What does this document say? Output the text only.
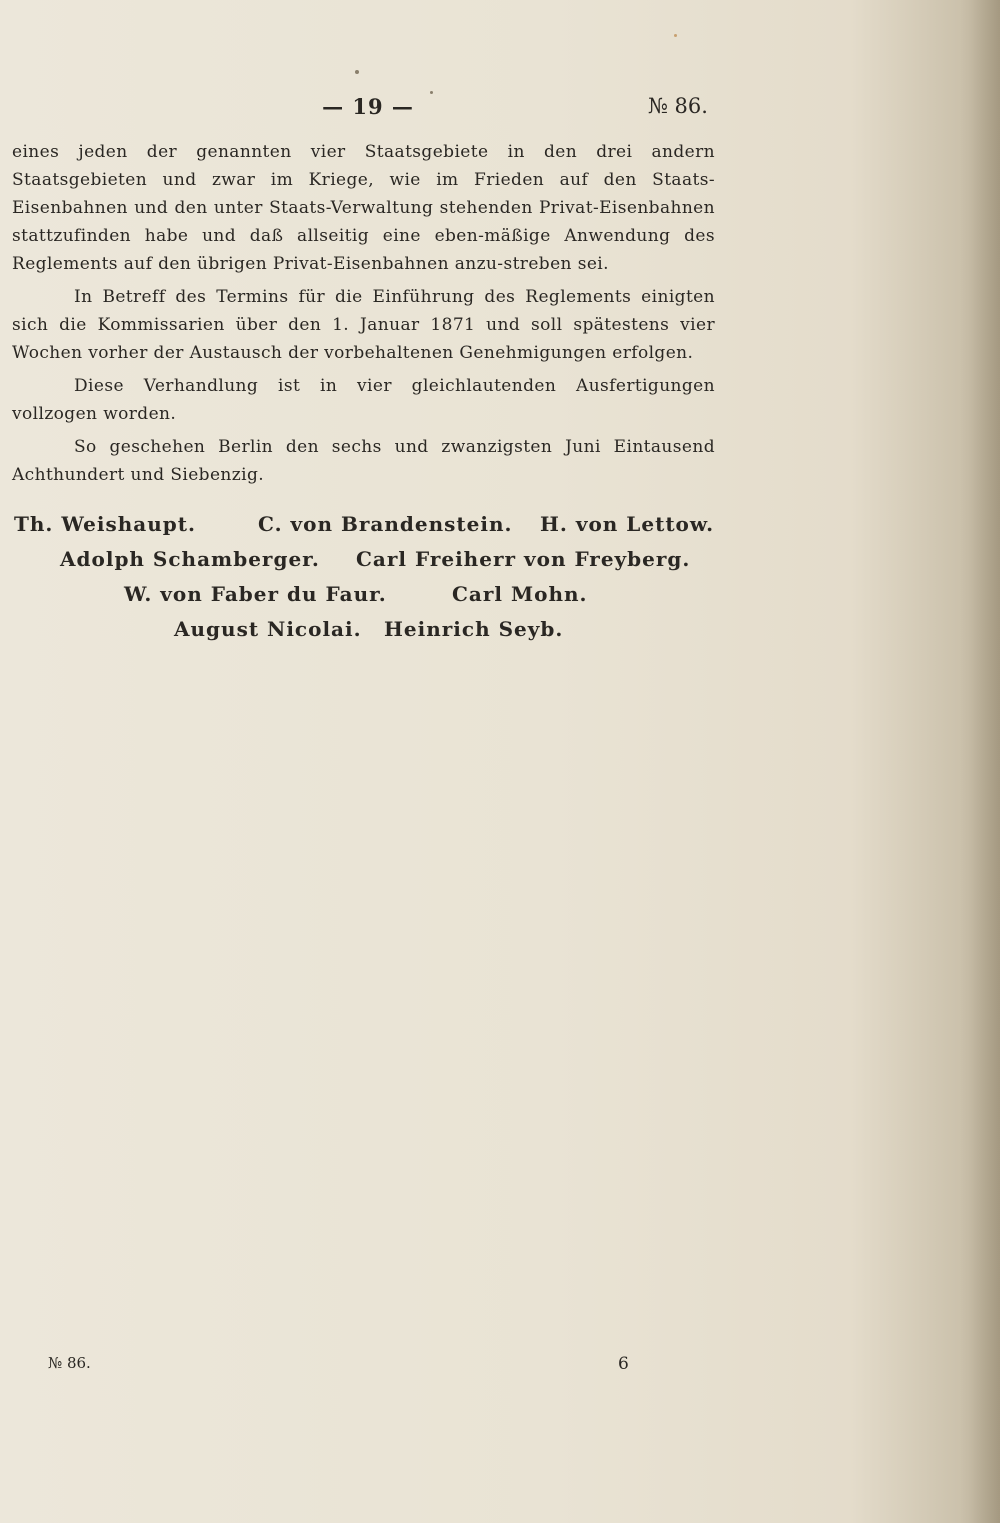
— 19 —	№ 86.

eines jeden der genannten vier Staatsgebiete in den drei andern Staatsgebieten und zwar im Kriege, wie im Frieden auf den Staats-Eisenbahnen und den unter Staats-Verwaltung stehenden Privat-Eisenbahnen stattzufinden habe und daß allseitig eine eben-mäßige Anwendung des Reglements auf den übrigen Privat-Eisenbahnen anzu-streben sei.

In Betreff des Termins für die Einführung des Reglements einigten sich die Kommissarien über den 1. Januar 1871 und soll spätestens vier Wochen vorher der Austausch der vorbehaltenen Genehmigungen erfolgen.

Diese Verhandlung ist in vier gleichlautenden Ausfertigungen vollzogen worden.

So geschehen Berlin den sechs und zwanzigsten Juni Eintausend Achthundert und Siebenzig.

Th. Weishaupt.	C. von Brandenstein. H. von Lettow.
Adolph Schamberger. Carl Freiherr von Freyberg.
W. von Faber du Faur.	Carl Mohn.
August Nicolai. Heinrich Seyb.
№ 86.	6
